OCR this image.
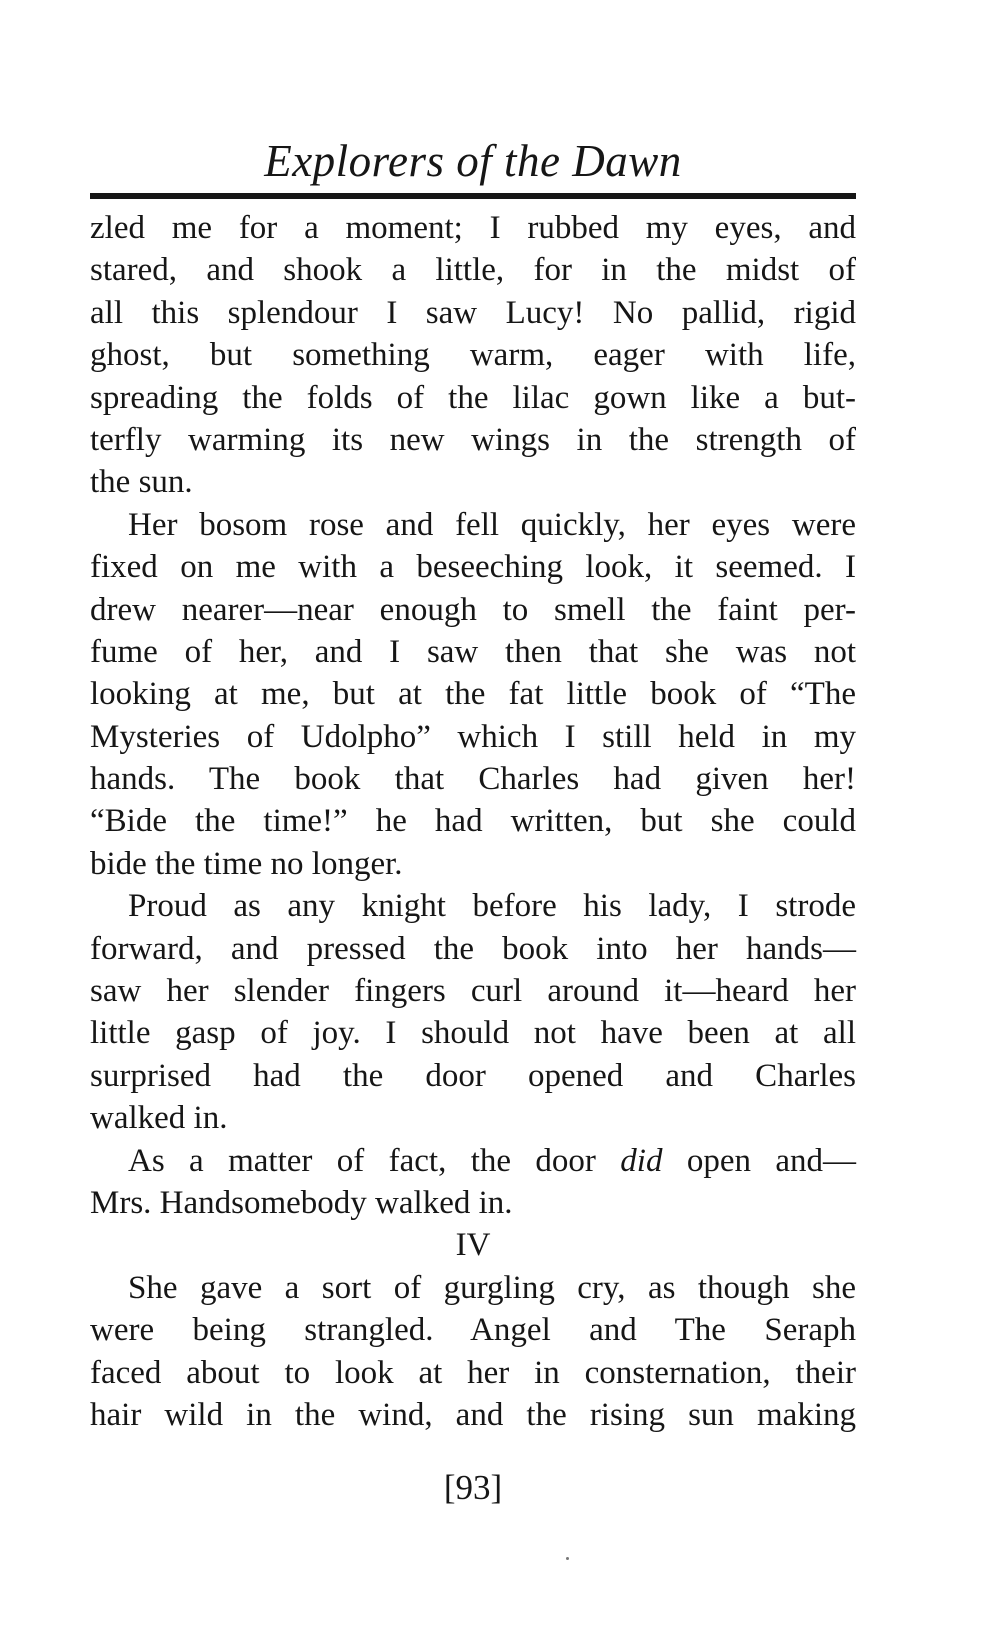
Explorers of the Dawn
zled me for a moment; I rubbed my eyes, and
stared, and shook a little, for in the midst of
all this splendour I saw Lucy! No pallid, rigid
ghost, but something warm, eager with life,
spreading the folds of the lilac gown like a but-
terfly warming its new wings in the strength of
the sun.
Her bosom rose and fell quickly, her eyes were
fixed on me with a beseeching look, it seemed. I
drew nearer—near enough to smell the faint per-
fume of her, and I saw then that she was not
looking at me, but at the fat little book of “The
Mysteries of Udolpho” which I still held in my
hands. The book that Charles had given her!
“Bide the time!” he had written, but she could
bide the time no longer.
Proud as any knight before his lady, I strode
forward, and pressed the book into her hands—
saw her slender fingers curl around it—heard her
little gasp of joy. I should not have been at all
surprised had the door opened and Charles
walked in.
As a matter of fact, the door did open and—
Mrs. Handsomebody walked in.
IV
She gave a sort of gurgling cry, as though she
were being strangled. Angel and The Seraph
faced about to look at her in consternation, their
hair wild in the wind, and the rising sun making
[93]
